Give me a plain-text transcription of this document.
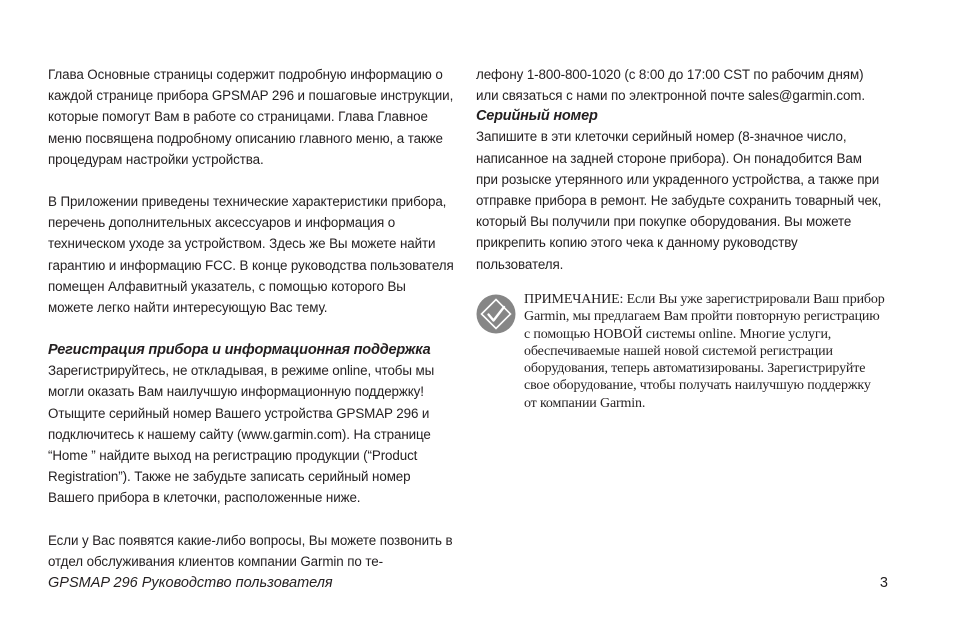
Глава Основные страницы содержит подробную информацию о каждой странице прибора GPSMAP 296 и пошаговые инструкции, которые помогут Вам в работе со страницами. Глава Главное меню посвящена подробному описанию главного меню, а также процедурам настройки устройства.

В Приложении приведены технические характеристики прибора, перечень дополнительных аксессуаров и информация о техническом уходе за устройством. Здесь же Вы можете найти гарантию и информацию FCC. В конце руководства пользователя помещен Алфавитный указатель, с помощью которого Вы можете легко найти интересующую Вас тему.

Регистрация прибора и информационная поддержка

Зарегистрируйтесь, не откладывая, в режиме online, чтобы мы могли оказать Вам наилучшую информационную поддержку! Отыщите серийный номер Вашего устройства GPSMAP 296 и подключитесь к нашему сайту (www.garmin.com). На странице “Home ” найдите выход на регистрацию продукции (“Product Registration”). Также не забудьте записать серийный номер Вашего прибора в клеточки, расположенные ниже.

Если у Вас появятся какие-либо вопросы, Вы можете позвонить в отдел обслуживания клиентов компании Garmin по те-

лефону 1-800-800-1020 (с 8:00 до 17:00 CST по рабочим дням) или связаться с нами по электронной почте sales@garmin.com.

Серийный номер

Запишите в эти клеточки серийный номер (8-значное число, написанное на задней стороне прибора). Он понадобится Вам при розыске утерянного или украденного устройства, а также при отправке прибора в ремонт. Не забудьте сохранить товарный чек, который Вы получили при покупке оборудования. Вы можете прикрепить копию этого чека к данному руководству пользователя.

ПРИМЕЧАНИЕ: Если Вы уже зарегистрировали Ваш прибор Garmin, мы предлагаем Вам пройти повторную регистрацию с помощью НОВОЙ системы online. Многие услуги, обеспечиваемые нашей новой системой регистрации оборудования, теперь автоматизированы. Зарегистрируйте свое оборудование, чтобы получать наилучшую поддержку от компании Garmin.

GPSMAP 296 Руководство пользователя	3
